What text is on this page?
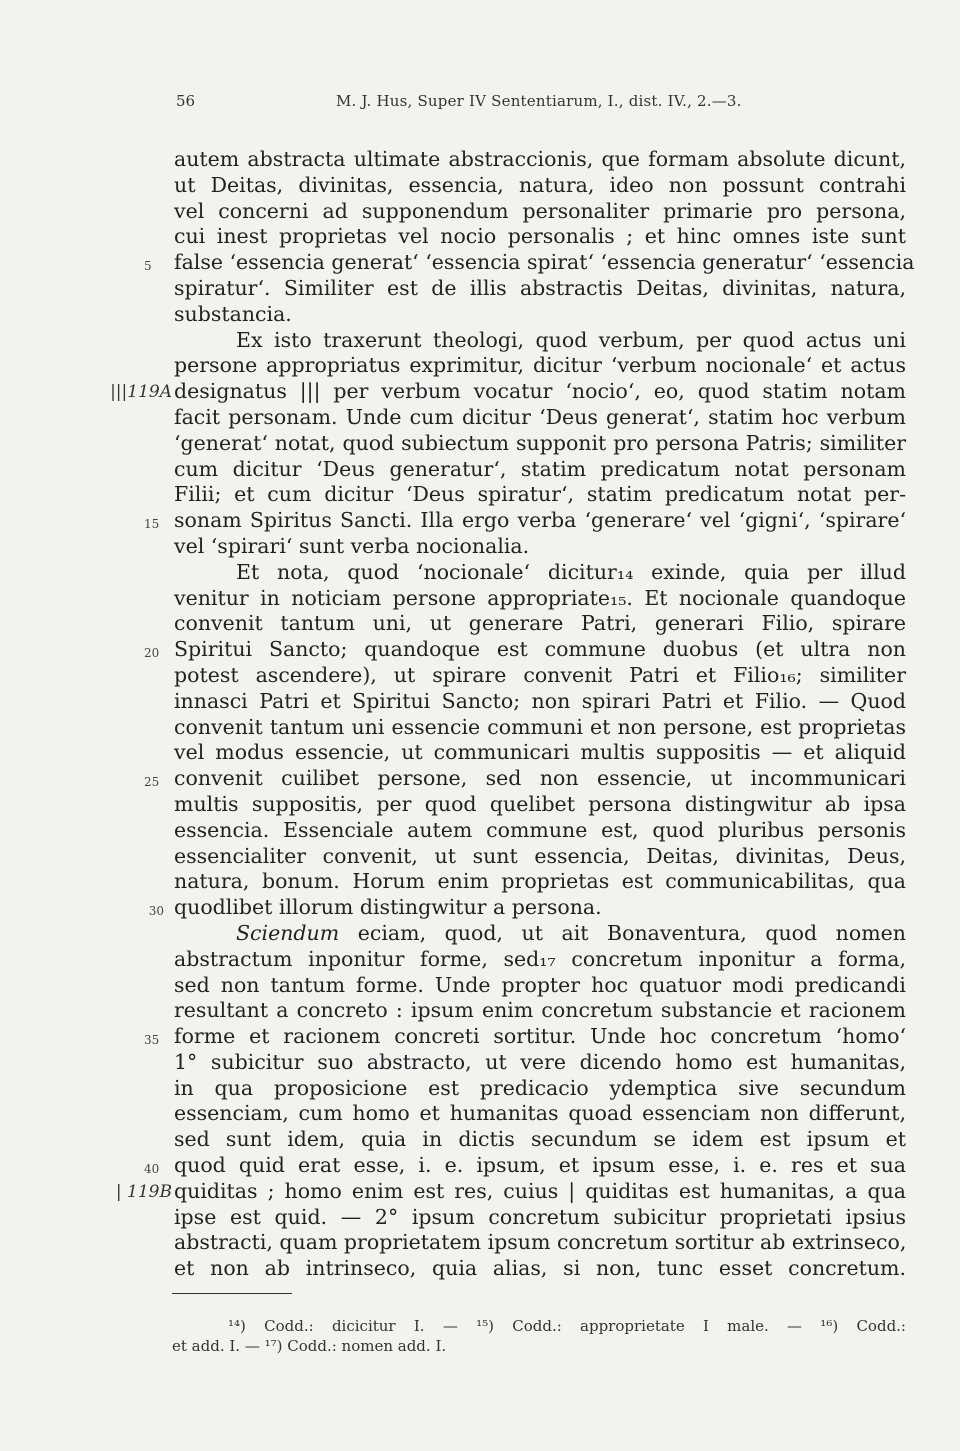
56	M. J. Hus, Super IV Sententiarum, I., dist. IV., 2.—3.
autem abstracta ultimate abstraccionis, que formam absolute dicunt,
ut Deitas, divinitas, essencia, natura, ideo non possunt contrahi
vel concerni ad supponendum personaliter primarie pro persona,
cui inest proprietas vel nocio personalis ; et hinc omnes iste sunt
5	false ‘essencia generat‘ ‘essencia spirat‘ ‘essencia generatur‘ ‘essencia
spiratur‘. Similiter est de illis abstractis Deitas, divinitas, natura,
substancia.
Ex isto traxerunt theologi, quod verbum, per quod actus uni
persone appropriatus exprimitur, dicitur ‘verbum nocionale‘ et actus
|||119A designatus ||| per verbum vocatur ‘nocio‘, eo, quod statim notam
facit personam. Unde cum dicitur ‘Deus generat‘, statim hoc verbum
‘generat‘ notat, quod subiectum supponit pro persona Patris; similiter
cum dicitur ‘Deus generatur‘, statim predicatum notat personam
Filii; et cum dicitur ‘Deus spiratur‘, statim predicatum notat per-
15 sonam Spiritus Sancti. Illa ergo verba ‘generare‘ vel ‘gigni‘, ‘spirare‘
vel ‘spirari‘ sunt verba nocionalia.
Et nota, quod ‘nocionale‘ dicitur₁₄ exinde, quia per illud
venitur in noticiam persone appropriate₁₅. Et nocionale quandoque
convenit tantum uni, ut generare Patri, generari Filio, spirare
20 Spiritui Sancto; quandoque est commune duobus (et ultra non
potest ascendere), ut spirare convenit Patri et Filio₁₆; similiter
innasci Patri et Spiritui Sancto; non spirari Patri et Filio. — Quod
convenit tantum uni essencie communi et non persone, est proprietas
vel modus essencie, ut communicari multis suppositis — et aliquid
25 convenit cuilibet persone, sed non essencie, ut incommunicari
multis suppositis, per quod quelibet persona distingwitur ab ipsa
essencia. Essenciale autem commune est, quod pluribus personis
essencialiter convenit, ut sunt essencia, Deitas, divinitas, Deus,
natura, bonum. Horum enim proprietas est communicabilitas, qua
30 quodlibet illorum distingwitur a persona.
Sciendum eciam, quod, ut ait Bonaventura, quod nomen
abstractum inponitur forme, sed₁₇ concretum inponitur a forma,
sed non tantum forme. Unde propter hoc quatuor modi predicandi
resultant a concreto : ipsum enim concretum substancie et racionem
35 forme et racionem concreti sortitur. Unde hoc concretum ‘homo‘
1° subicitur suo abstracto, ut vere dicendo homo est humanitas,
in qua proposicione est predicacio ydemptica sive secundum
essenciam, cum homo et humanitas quoad essenciam non differunt,
sed sunt idem, quia in dictis secundum se idem est ipsum et
40 quod quid erat esse, i. e. ipsum, et ipsum esse, i. e. res et sua
| 119B quiditas ; homo enim est res, cuius | quiditas est humanitas, a qua
ipse est quid. — 2° ipsum concretum subicitur proprietati ipsius
abstracti, quam proprietatem ipsum concretum sortitur ab extrinseco,
et non ab intrinseco, quia alias, si non, tunc esset concretum.
¹⁴) Codd.: dicicitur I. — ¹⁵) Codd.: approprietate I male. — ¹⁶) Codd.:
et add. I. — ¹⁷) Codd.: nomen add. I.
